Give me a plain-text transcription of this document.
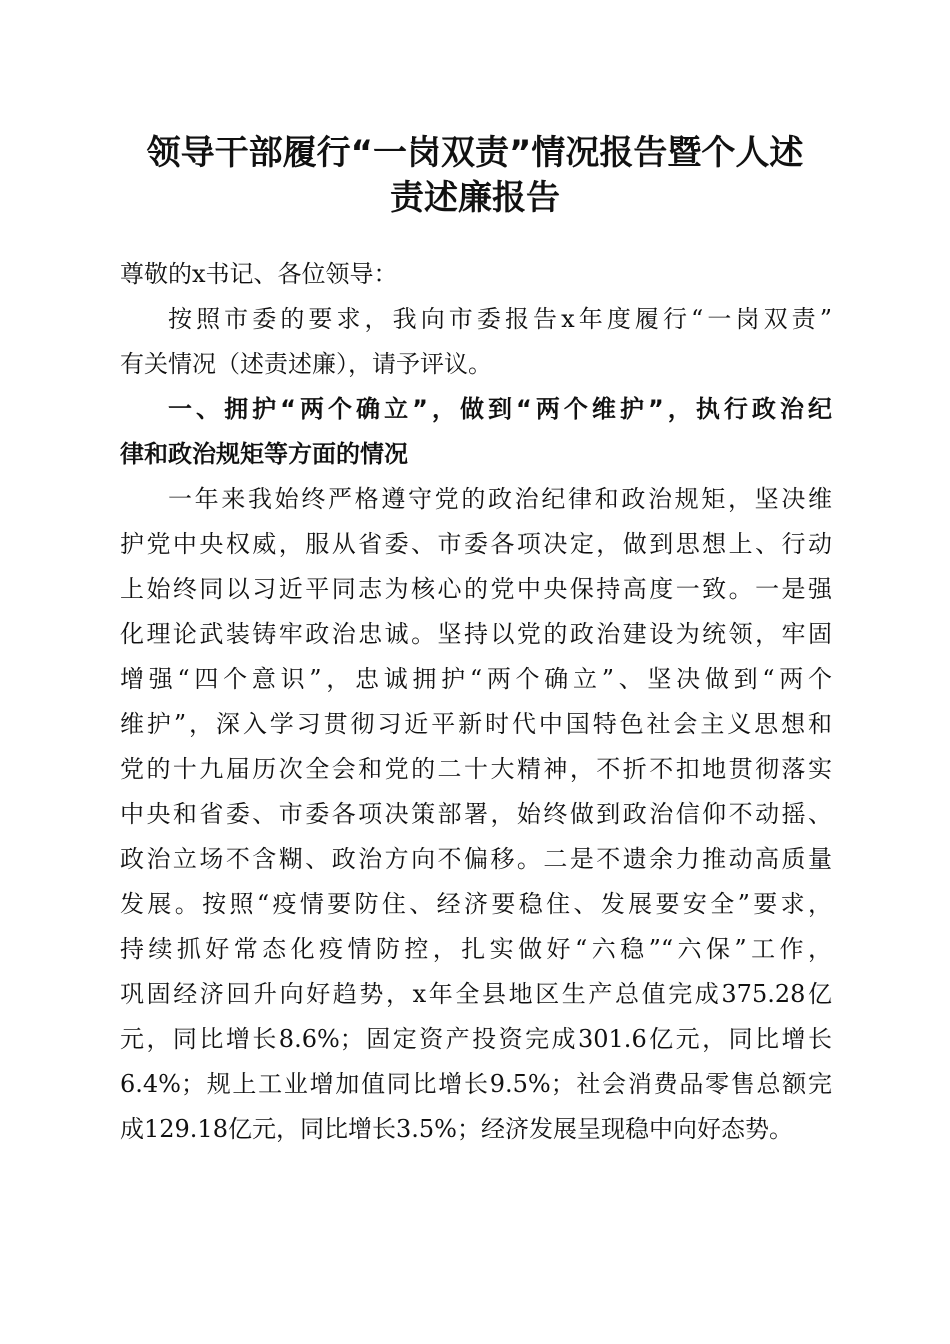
领导干部履行“一岗双责”情况报告暨个人述
责述廉报告
尊敬的x书记、各位领导：
按照市委的要求，我向市委报告x年度履行“一岗双责”
有关情况（述责述廉），请予评议。
一、拥护“两个确立”，做到“两个维护”，执行政治纪
律和政治规矩等方面的情况
一年来我始终严格遵守党的政治纪律和政治规矩，坚决维
护党中央权威，服从省委、市委各项决定，做到思想上、行动
上始终同以习近平同志为核心的党中央保持高度一致。一是强
化理论武装铸牢政治忠诚。坚持以党的政治建设为统领，牢固
增强“四个意识”，忠诚拥护“两个确立”、坚决做到“两个
维护”，深入学习贯彻习近平新时代中国特色社会主义思想和
党的十九届历次全会和党的二十大精神，不折不扣地贯彻落实
中央和省委、市委各项决策部署，始终做到政治信仰不动摇、
政治立场不含糊、政治方向不偏移。二是不遗余力推动高质量
发展。按照“疫情要防住、经济要稳住、发展要安全”要求，
持续抓好常态化疫情防控，扎实做好“六稳”“六保”工作，
巩固经济回升向好趋势，x年全县地区生产总值完成375.28亿
元，同比增长8.6%；固定资产投资完成301.6亿元，同比增长
6.4%；规上工业增加值同比增长9.5%；社会消费品零售总额完
成129.18亿元，同比增长3.5%；经济发展呈现稳中向好态势。
